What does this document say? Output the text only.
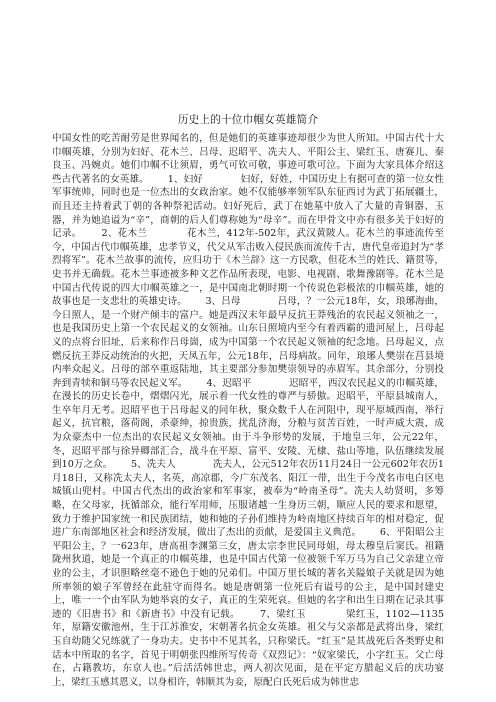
历史上的十位巾帼女英雄简介

中国女性的吃苦耐劳是世界闻名的，但是她们的英雄事迹却很少为世人所知。中国古代十大巾帼英雄，分别为妇好、花木兰、吕母、迟昭平、冼夫人、平阳公主、梁红玉、唐赛儿、秦良玉、冯婉贞。她们巾帼不让须眉，勇气可钦可敬，事迹可歌可泣。下面为大家具体介绍这些古代著名的女英雄。      1、妇好            妇好，好姓，中国历史上有据可查的第一位女性军事统帅，同时也是一位杰出的女政治家。她不仅能够率领军队东征西讨为武丁拓展疆土，而且还主持着武丁朝的各种祭祀活动。妇好死后，武丁在她墓中放入了大量的青铜器、玉器，并为她追谥为“辛”，商朝的后人们尊称她为“母辛”。而在甲骨文中亦有很多关于妇好的记录。      2、花木兰            花木兰，412年-502年，武汉黄陂人。花木兰的事迹流传至今，中国古代巾帼英雄，忠孝节义，代父从军击败入侵民族而流传千古，唐代皇帝追封为“孝烈将军”。花木兰故事的流传，应归功于《木兰辞》这一方民歌，但花木兰的姓氏、籍贯等，史书并无确载。花木兰事迹被多种文艺作品所表现，电影、电视剧、歌舞豫剧等。花木兰是中国古代传说的四大巾帼英雄之一，是中国南北朝时期一个传说色彩极浓的巾帼英雄，她的故事也是一支悲壮的英雄史诗。      3、吕母            吕母，？一公元18年，女，琅琊海曲，今日照人，是一个财产倾丰的富户。她是西汉末年最早反抗王莽残治的农民起义领袖之一，也是我国历史上第一个农民起义的女领袖。山东日照境内至今有着西霸的遗河屋上，吕母起义的点将台旧址，后来称作吕母崮，成为中国第一个农民起义领袖的纪念地。吕母起义，点燃反抗王莽反动统治的火把，天凤五年，公元18年，吕母病故。同年，琅琊人樊崇在莒县境内率众起义。吕母的部卒重返陆地，其主要部分参加樊崇领导的赤眉军。其余部分，分别投奔到青犊和铜马等农民起义军。      4、迟昭平            迟昭平，西汉农民起义的巾帼英雄，在漫长的历史长卷中，熠熠闪光，展示着一代女性的尊严与骄傲。迟昭平，平原县城南人，生卒年月无考。迟昭平也于吕母起义的同年秋，聚众数千人在河阻中，现平原城西南，举行起义，抗官粮，落荷阁，杀豪绅，掠贵族，扰乱济海，分粮与贫苦百姓，一时声威大震，成为众豪杰中一位杰出的农民起义女领袖。由于斗争形势的发展，于地皇三年，公元22年，冬，迟昭平部与徐异卿部汇合，战斗在平原、富平、安陵、无棣、盐山等地，队伍继续发展到10万之众。      5、冼夫人            冼夫人，公元512年农历11月24日一公元602年农历1月18日，又称冼太夫人，名英，高凉郡，今广东茂名、阳江一带，出生于今茂名市电白区电城镇山兜村。中国古代杰出的政治家和军事家，被奉为“岭南圣母”。冼夫人幼贤明，多筹略，在父母家，抚循部众，能行军用师，压服诸越一生身历三朝，顺应人民的要求和愿望，致力于维护国家统一和民族团结，她和她的子孙们维持为岭南地区持续百年的相对稳定，促进广东南部地区社会和经济发展，做出了杰出的贡献，是爱国主义典范。      6、平阳昭公主            平阳公主，？一623年，唐高祖李渊第三女，唐太宗李世民同母姐，母太穆皇后窦氏。祖籍陇州狄道，她是一个真正的巾帼英雄，也是中国古代第一位被领千军万马为自己父亲建立帝业的公主，才识胆略丝毫不逊色于她的兄弟们。中国万里长城的著名关隘娘子关就是因为她所率领的娘子军曾经在此驻守而得名。她是唐朝第一位死后有谥号的公主，是中国封建史上，唯一一个由军队为她举哀的女子，真正的生荣死哀。但她的名字和出生日期在记录其事迹的《旧唐书》和《新唐书》中没有记载。      7、梁红玉            梁红玉，1102—1135年，原籍安徽池州，生于江苏淮安，宋朝著名抗金女英雄。祖父与父亲都是武将出身，梁红玉自幼随父兄练就了一身功夫。史书中不见其名，只称梁氏。“红玉”是其战死后各类野史和话本中所取的名字，首见于明朝张四维所写传奇《双烈记》：“奴家梁氏，小字红玉。父亡母在，占籍教坊，东京人也。”后活活韩世忠，两人初次见面，是在平定方腊起义后的庆功宴上，梁红玉感其恩义，以身相许，韩顺其为妾，原配白氏死后成为韩世忠
